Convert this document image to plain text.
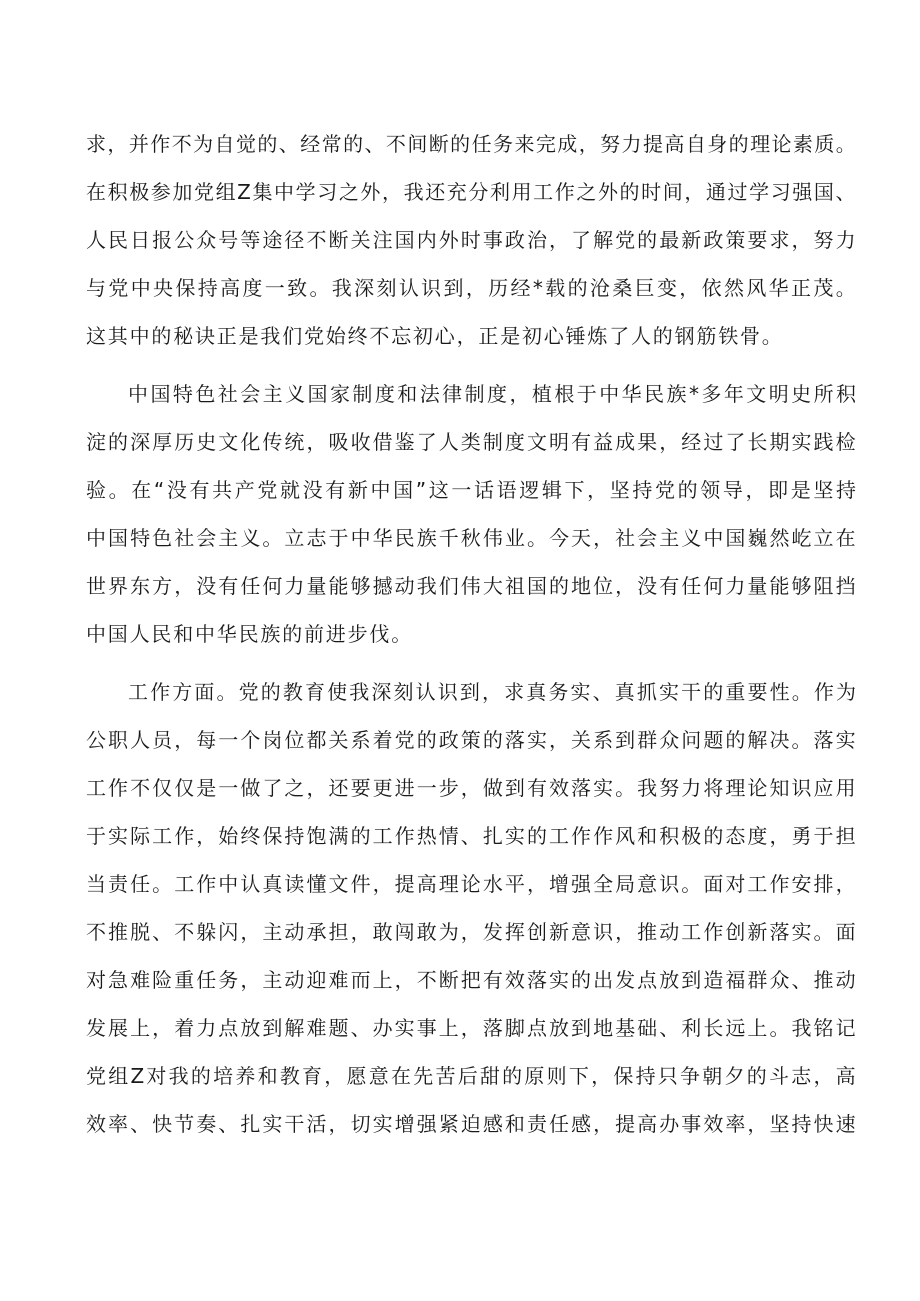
求 ， 并 作 不 为 自 觉 的 、 经 常 的 、 不 间 断 的 任 务 来 完 成 ， 努 力 提 高 自 身 的 理 论 素 质 。
在 积 极 参 加 党 组 Z 集 中 学 习 之 外 ， 我 还 充 分 利 用 工 作 之 外 的 时 间 ， 通 过 学 习 强 国 、
人 民 日 报 公 众 号 等 途 径 不 断 关 注 国 内 外 时 事 政 治 ， 了 解 党 的 最 新 政 策 要 求 ， 努 力
与 党 中 央 保 持 高 度 一 致 。 我 深 刻 认 识 到 ， 历 经 * 载 的 沧 桑 巨 变 ， 依 然 风 华 正 茂 。
这其中的秘诀正是我们党始终不忘初心，正是初心锤炼了人的钢筋铁骨。
中 国 特 色 社 会 主 义 国 家 制 度 和 法 律 制 度 ， 植 根 于 中 华 民 族 * 多 年 文 明 史 所 积
淀 的 深 厚 历 史 文 化 传 统 ， 吸 收 借 鉴 了 人 类 制 度 文 明 有 益 成 果 ， 经 过 了 长 期 实 践 检
验 。 在 “ 没 有 共 产 党 就 没 有 新 中 国 ” 这 一 话 语 逻 辑 下 ， 坚 持 党 的 领 导 ， 即 是 坚 持
中 国 特 色 社 会 主 义 。 立 志 于 中 华 民 族 千 秋 伟 业 。 今 天 ， 社 会 主 义 中 国 巍 然 屹 立 在
世 界 东 方 ， 没 有 任 何 力 量 能 够 撼 动 我 们 伟 大 祖 国 的 地 位 ， 没 有 任 何 力 量 能 够 阻 挡
中国人民和中华民族的前进步伐。
工 作 方 面 。 党 的 教 育 使 我 深 刻 认 识 到 ， 求 真 务 实 、 真 抓 实 干 的 重 要 性 。 作 为
公 职 人 员 ， 每 一 个 岗 位 都 关 系 着 党 的 政 策 的 落 实 ， 关 系 到 群 众 问 题 的 解 决 。 落 实
工 作 不 仅 仅 是 一 做 了 之 ， 还 要 更 进 一 步 ， 做 到 有 效 落 实 。 我 努 力 将 理 论 知 识 应 用
于 实 际 工 作 ， 始 终 保 持 饱 满 的 工 作 热 情 、 扎 实 的 工 作 作 风 和 积 极 的 态 度 ， 勇 于 担
当 责 任 。 工 作 中 认 真 读 懂 文 件 ， 提 高 理 论 水 平 ， 增 强 全 局 意 识 。 面 对 工 作 安 排 ，
不 推 脱 、 不 躲 闪 ， 主 动 承 担 ， 敢 闯 敢 为 ， 发 挥 创 新 意 识 ， 推 动 工 作 创 新 落 实 。 面
对 急 难 险 重 任 务 ， 主 动 迎 难 而 上 ， 不 断 把 有 效 落 实 的 出 发 点 放 到 造 福 群 众 、 推 动
发 展 上 ， 着 力 点 放 到 解 难 题 、 办 实 事 上 ， 落 脚 点 放 到 地 基 础 、 利 长 远 上 。 我 铭 记
党 组 Z 对 我 的 培 养 和 教 育 ， 愿 意 在 先 苦 后 甜 的 原 则 下 ， 保 持 只 争 朝 夕 的 斗 志 ， 高
效 率 、 快 节 奏 、 扎 实 干 活 ， 切 实 增 强 紧 迫 感 和 责 任 感 ， 提 高 办 事 效 率 ， 坚 持 快 速
